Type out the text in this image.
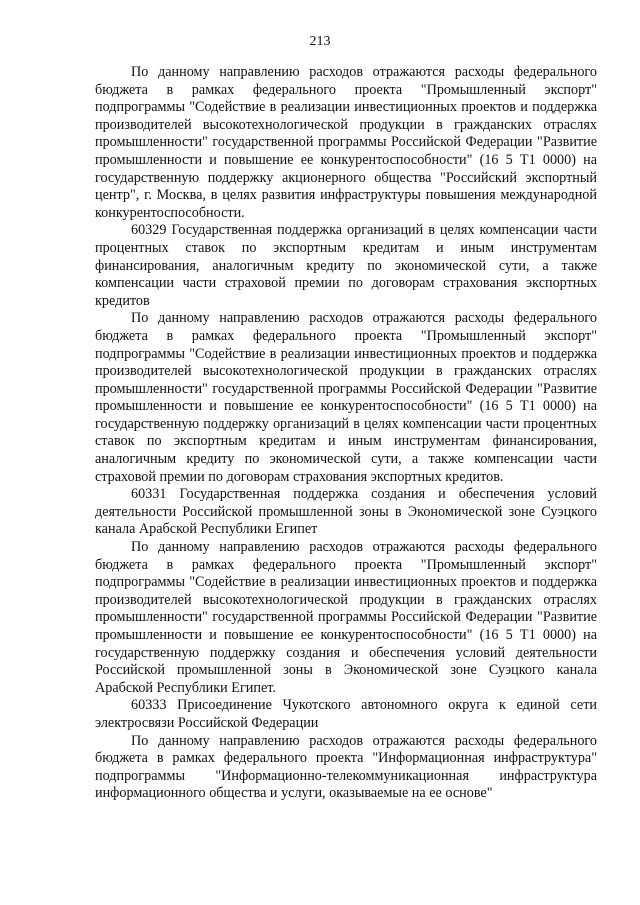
213

По данному направлению расходов отражаются расходы федерального бюджета в рамках федерального проекта "Промышленный экспорт" подпрограммы "Содействие в реализации инвестиционных проектов и поддержка производителей высокотехнологической продукции в гражданских отраслях промышленности" государственной программы Российской Федерации "Развитие промышленности и повышение ее конкурентоспособности" (16 5 Т1 0000) на государственную поддержку акционерного общества "Российский экспортный центр", г. Москва, в целях развития инфраструктуры повышения международной конкурентоспособности.

60329 Государственная поддержка организаций в целях компенсации части процентных ставок по экспортным кредитам и иным инструментам финансирования, аналогичным кредиту по экономической сути, а также компенсации части страховой премии по договорам страхования экспортных кредитов

По данному направлению расходов отражаются расходы федерального бюджета в рамках федерального проекта "Промышленный экспорт" подпрограммы "Содействие в реализации инвестиционных проектов и поддержка производителей высокотехнологической продукции в гражданских отраслях промышленности" государственной программы Российской Федерации "Развитие промышленности и повышение ее конкурентоспособности" (16 5 Т1 0000) на государственную поддержку организаций в целях компенсации части процентных ставок по экспортным кредитам и иным инструментам финансирования, аналогичным кредиту по экономической сути, а также компенсации части страховой премии по договорам страхования экспортных кредитов.

60331 Государственная поддержка создания и обеспечения условий деятельности Российской промышленной зоны в Экономической зоне Суэцкого канала Арабской Республики Египет

По данному направлению расходов отражаются расходы федерального бюджета в рамках федерального проекта "Промышленный экспорт" подпрограммы "Содействие в реализации инвестиционных проектов и поддержка производителей высокотехнологической продукции в гражданских отраслях промышленности" государственной программы Российской Федерации "Развитие промышленности и повышение ее конкурентоспособности" (16 5 Т1 0000) на государственную поддержку создания и обеспечения условий деятельности Российской промышленной зоны в Экономической зоне Суэцкого канала Арабской Республики Египет.

60333 Присоединение Чукотского автономного округа к единой сети электросвязи Российской Федерации

По данному направлению расходов отражаются расходы федерального бюджета в рамках федерального проекта "Информационная инфраструктура" подпрограммы "Информационно-телекоммуникационная инфраструктура информационного общества и услуги, оказываемые на ее основе"
